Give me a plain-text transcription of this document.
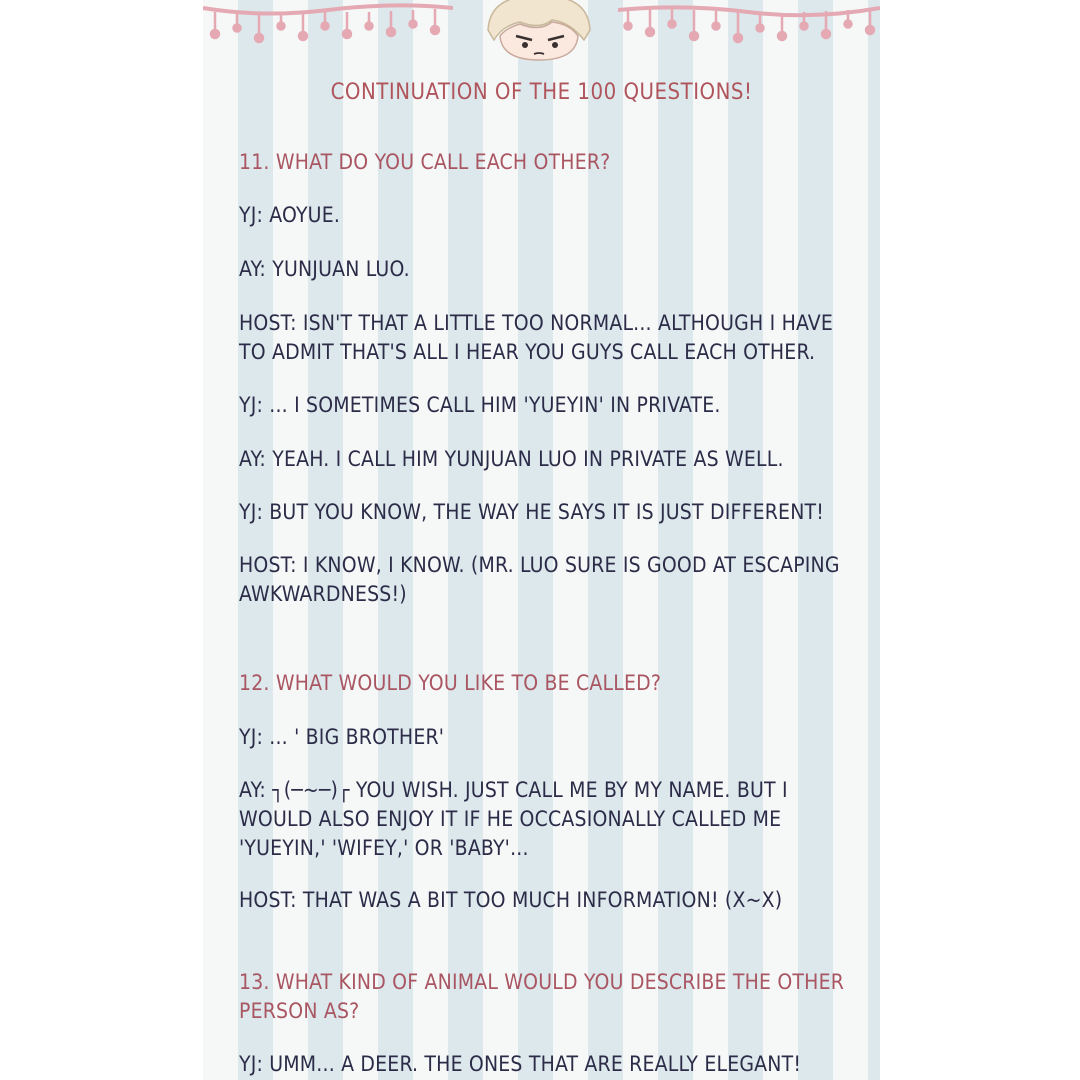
CONTINUATION OF THE 100 QUESTIONS!
11. WHAT DO YOU CALL EACH OTHER?
YJ: AOYUE.
AY: YUNJUAN LUO.
HOST: ISN'T THAT A LITTLE TOO NORMAL... ALTHOUGH I HAVE TO ADMIT THAT'S ALL I HEAR YOU GUYS CALL EACH OTHER.
YJ: ... I SOMETIMES CALL HIM 'YUEYIN' IN PRIVATE.
AY: YEAH. I CALL HIM YUNJUAN LUO IN PRIVATE AS WELL.
YJ: BUT YOU KNOW, THE WAY HE SAYS IT IS JUST DIFFERENT!
HOST: I KNOW, I KNOW. (MR. LUO SURE IS GOOD AT ESCAPING AWKWARDNESS!)
12. WHAT WOULD YOU LIKE TO BE CALLED?
YJ: ... ' BIG BROTHER'
AY: ┐(─~─)┌ YOU WISH. JUST CALL ME BY MY NAME. BUT I WOULD ALSO ENJOY IT IF HE OCCASIONALLY CALLED ME 'YUEYIN,' 'WIFEY,' OR 'BABY'...
HOST: THAT WAS A BIT TOO MUCH INFORMATION! (X~X)
13. WHAT KIND OF ANIMAL WOULD YOU DESCRIBE THE OTHER PERSON AS?
YJ: UMM... A DEER. THE ONES THAT ARE REALLY ELEGANT!
